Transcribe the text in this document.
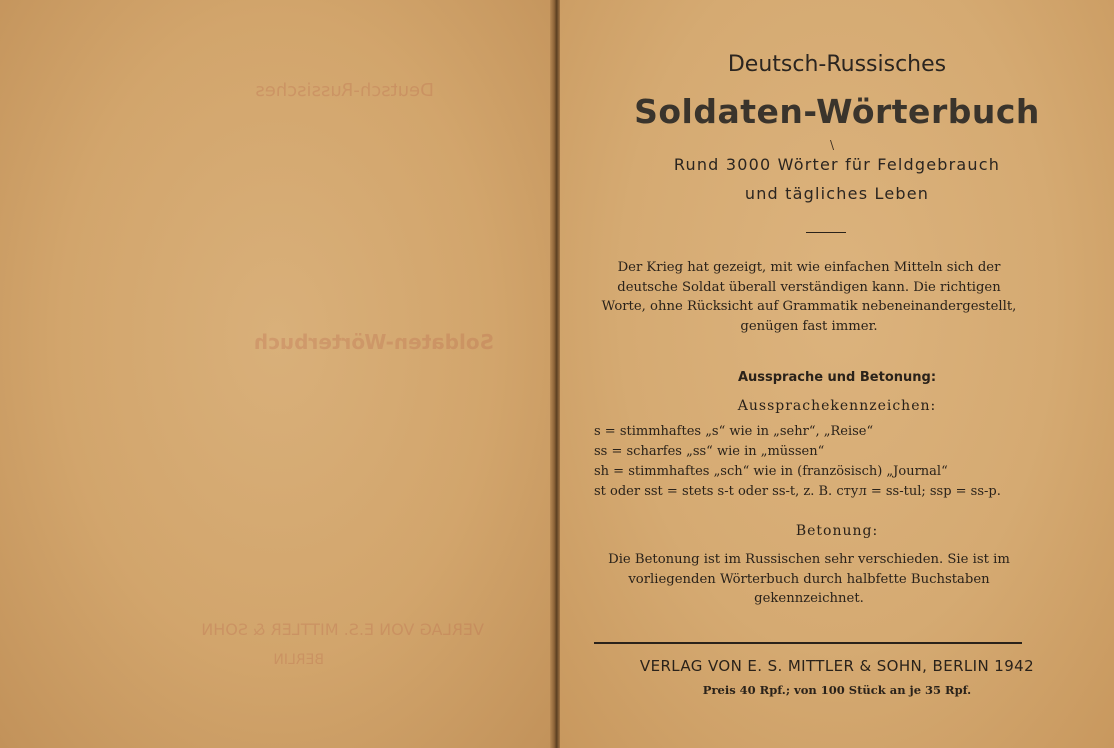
Deutsch-Russisches
Soldaten-Wörterbuch
VERLAG VON E.S. MITTLER & SOHN
BERLIN
Deutsch-Russisches
Soldaten-Wörterbuch
Rund 3000 Wörter für Feldgebrauch
und tägliches Leben
Der Krieg hat gezeigt, mit wie einfachen Mitteln sich der deutsche Soldat überall verständigen kann. Die richtigen Worte, ohne Rücksicht auf Grammatik nebeneinandergestellt, genügen fast immer.
Aussprache und Betonung:
Aussprachekennzeichen:
s = stimmhaftes „s“ wie in „sehr“, „Reise“
ss = scharfes „ss“ wie in „müssen“
sh = stimmhaftes „sch“ wie in (französisch) „Journal“
st oder sst = stets s-t oder ss-t, z. B. стул = ss-tul; ssp = ss-p.
Betonung:
Die Betonung ist im Russischen sehr verschieden. Sie ist im vorliegenden Wörterbuch durch halbfette Buchstaben gekennzeichnet.
VERLAG VON E. S. MITTLER & SOHN, BERLIN 1942
Preis 40 Rpf.; von 100 Stück an je 35 Rpf.
\
